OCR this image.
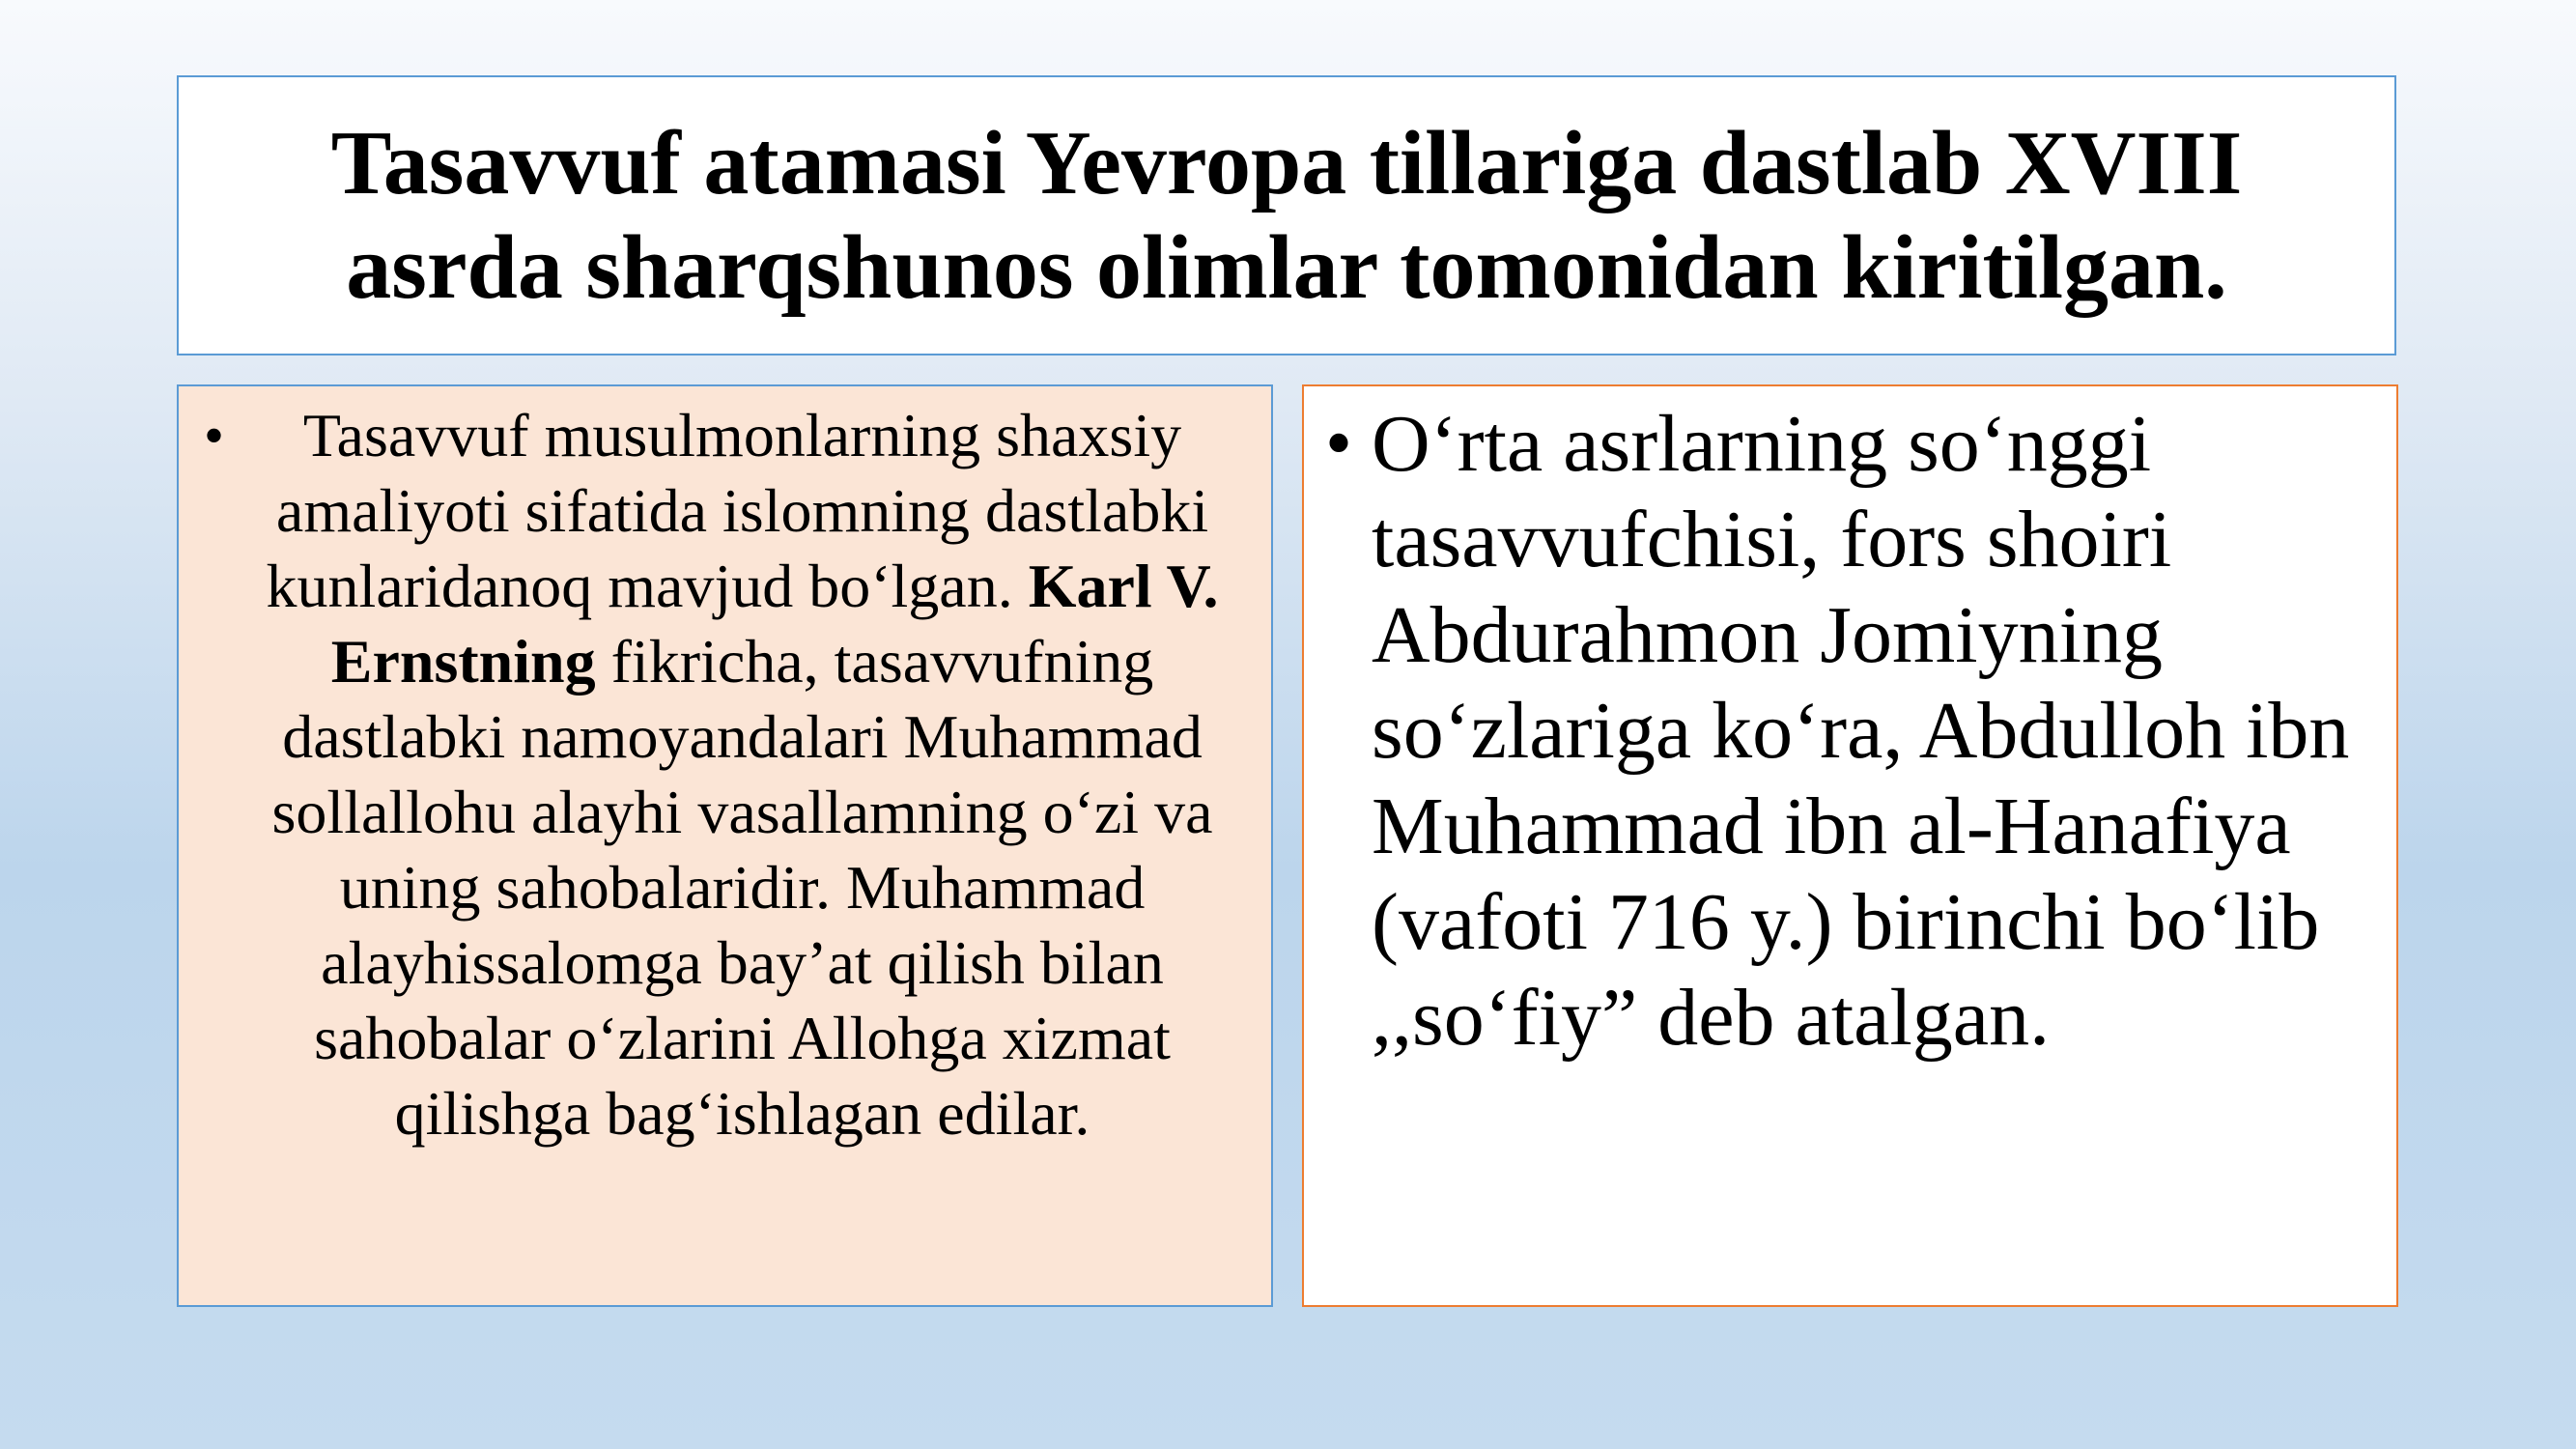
Tasavvuf atamasi Yevropa tillariga dastlab XVIII asrda sharqshunos olimlar tomonidan kiritilgan.
•	Tasavvuf musulmonlarning shaxsiy amaliyoti sifatida islomning dastlabki kunlaridanoq mavjud bo‘lgan. Karl V. Ernstning fikricha, tasavvufning dastlabki namoyandalari Muhammad sollallohu alayhi vasallamning o‘zi va uning sahobalaridir. Muhammad alayhissalomga bay’at qilish bilan sahobalar o‘zlarini Allohga xizmat qilishga bag‘ishlagan edilar.

• O‘rta asrlarning so‘nggi tasavvufchisi, fors shoiri Abdurahmon Jomiyning so‘zlariga ko‘ra, Abdulloh ibn Muhammad ibn al-Hanafiya (vafoti 716 y.) birinchi bo‘lib ,,so‘fiy” deb atalgan.
